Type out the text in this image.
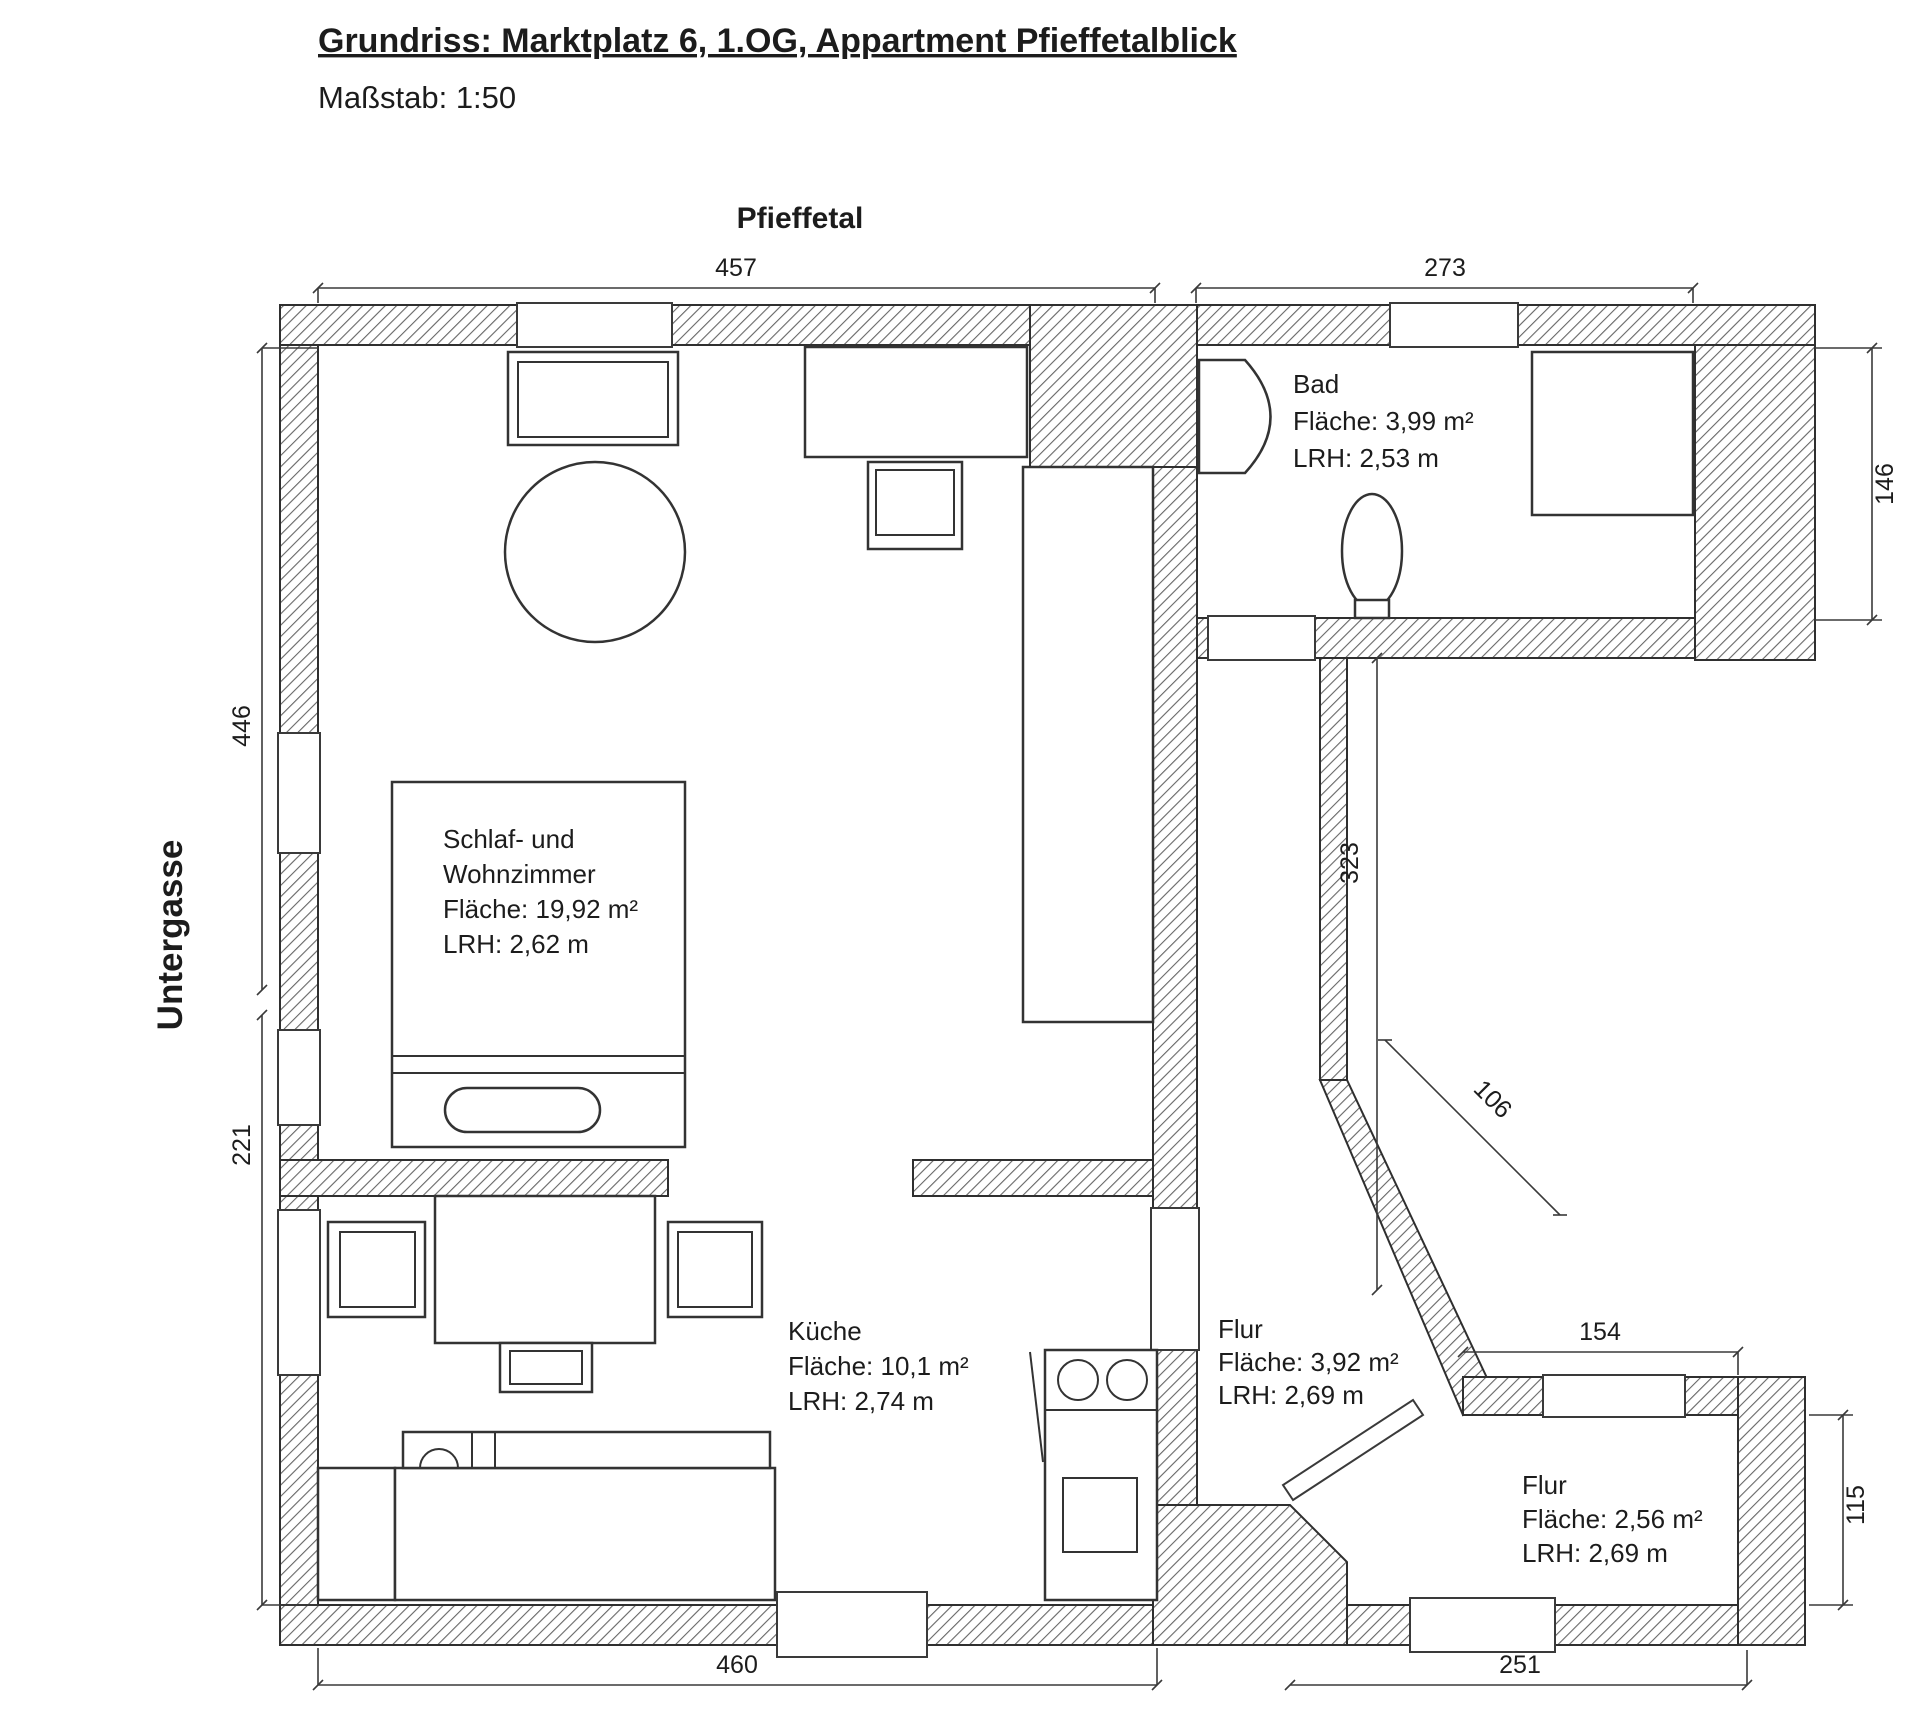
Grundriss: Marktplatz 6, 1.OG, Appartment Pfieffetalblick
Maßstab: 1:50
Pfieffetal
Untergasse
457	273
446
221
146
323
106
154
115
460	251
Schlaf- und
Wohnzimmer
Fläche: 19,92 m²
LRH: 2,62 m
Bad
Fläche: 3,99 m²
LRH: 2,53 m
Küche
Fläche: 10,1 m²
LRH: 2,74 m
Flur
Fläche: 3,92 m²
LRH: 2,69 m
Flur
Fläche: 2,56 m²
LRH: 2,69 m
